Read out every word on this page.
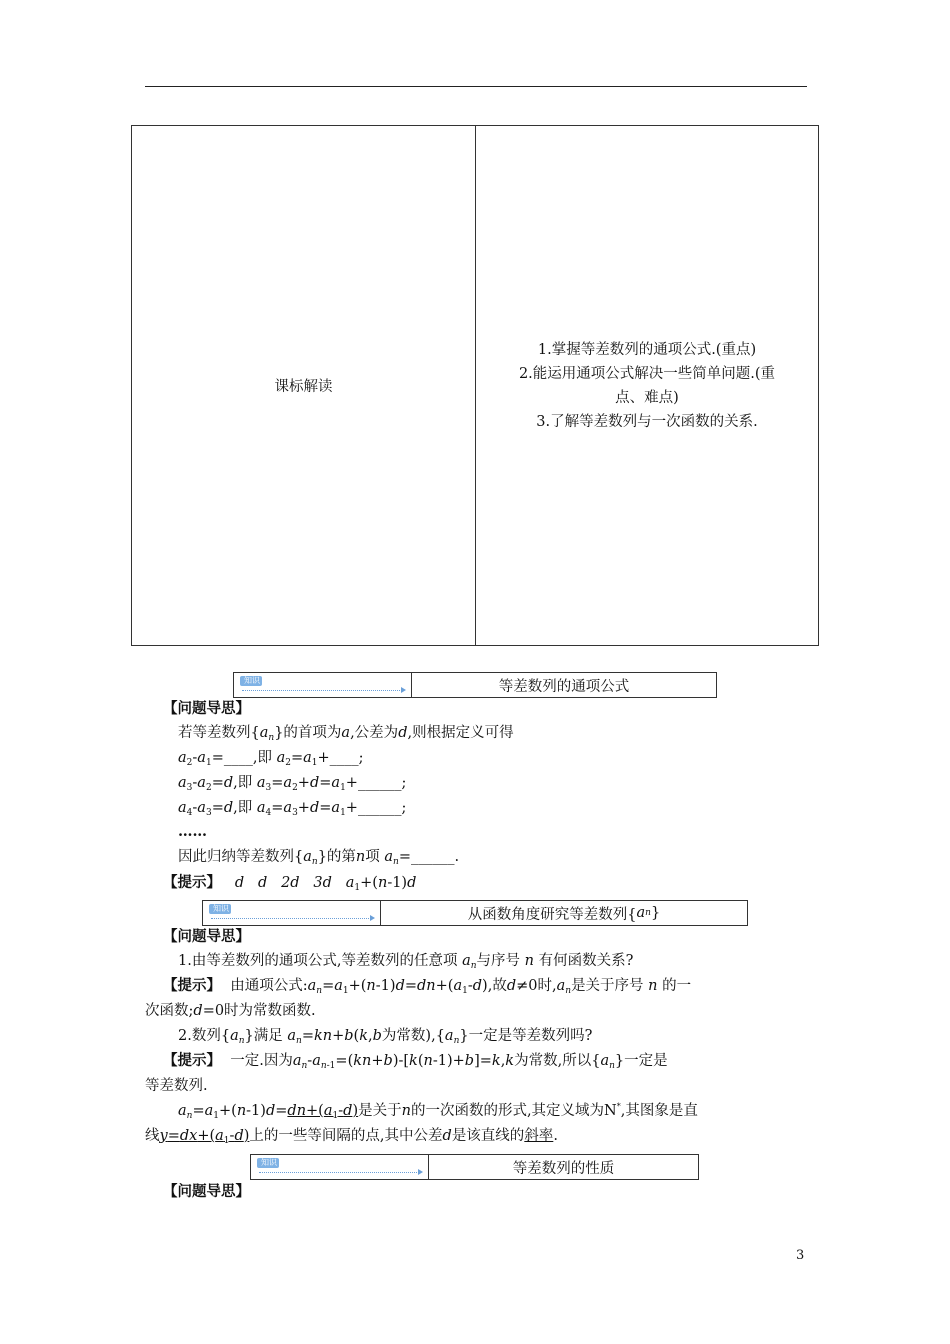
课标解读
1.掌握等差数列的通项公式.(重点)
2.能运用通项公式解决一些简单问题.(重
点、难点)
3.了解等差数列与一次函数的关系.
知识1	等差数列的通项公式
【问题导思】
若等差数列$\{a_n\}$的首项为a,公差为d,则根据定义可得
$a_2-a_1=\_\_\_\_$,即 $a_2=a_1+\_\_\_\_$;
$a_3-a_2=d$,即 $a_3=a_2+d=a_1+\_\_\_\_\_\_$;
$a_4-a_3=d$,即 $a_4=a_3+d=a_1+\_\_\_\_\_\_$;
……
因此归纳等差数列$\{a_n\}$的第n项 $a_n=\_\_\_\_\_\_$.
【提示】 d d 2d 3d $a_1+(n-1)d$
知识2	从函数角度研究等差数列{ a n }
【问题导思】
1.由等差数列的通项公式,等差数列的任意项 $a_n$与序号 n 有何函数关系?
【提示】 由通项公式$:a_n=a_1+(n-1)d=dn+(a_1-d)$,故d≠0时$,a_n$是关于序号 n 的一
次函数;d=0时为常数函数.
2.数列$\{a_n\}$满足 $a_n=kn+b(k,b$为常数)$,\{a_n\}$一定是等差数列吗?
【提示】 一定.因为$a_n-a_{n-1}=(kn+b)-[k(n-1)+b]=k,k$为常数,所以$\{a_n\}$一定是
等差数列.
$a_n=a_1+(n-1)d=dn+(a_1-d)$是关于n的一次函数的形式,其定义域为N*,其图象是直
线$y=dx+(a_1-d)$上的一些等间隔的点,其中公差d是该直线的斜率.
知识3	等差数列的性质
【问题导思】
3
